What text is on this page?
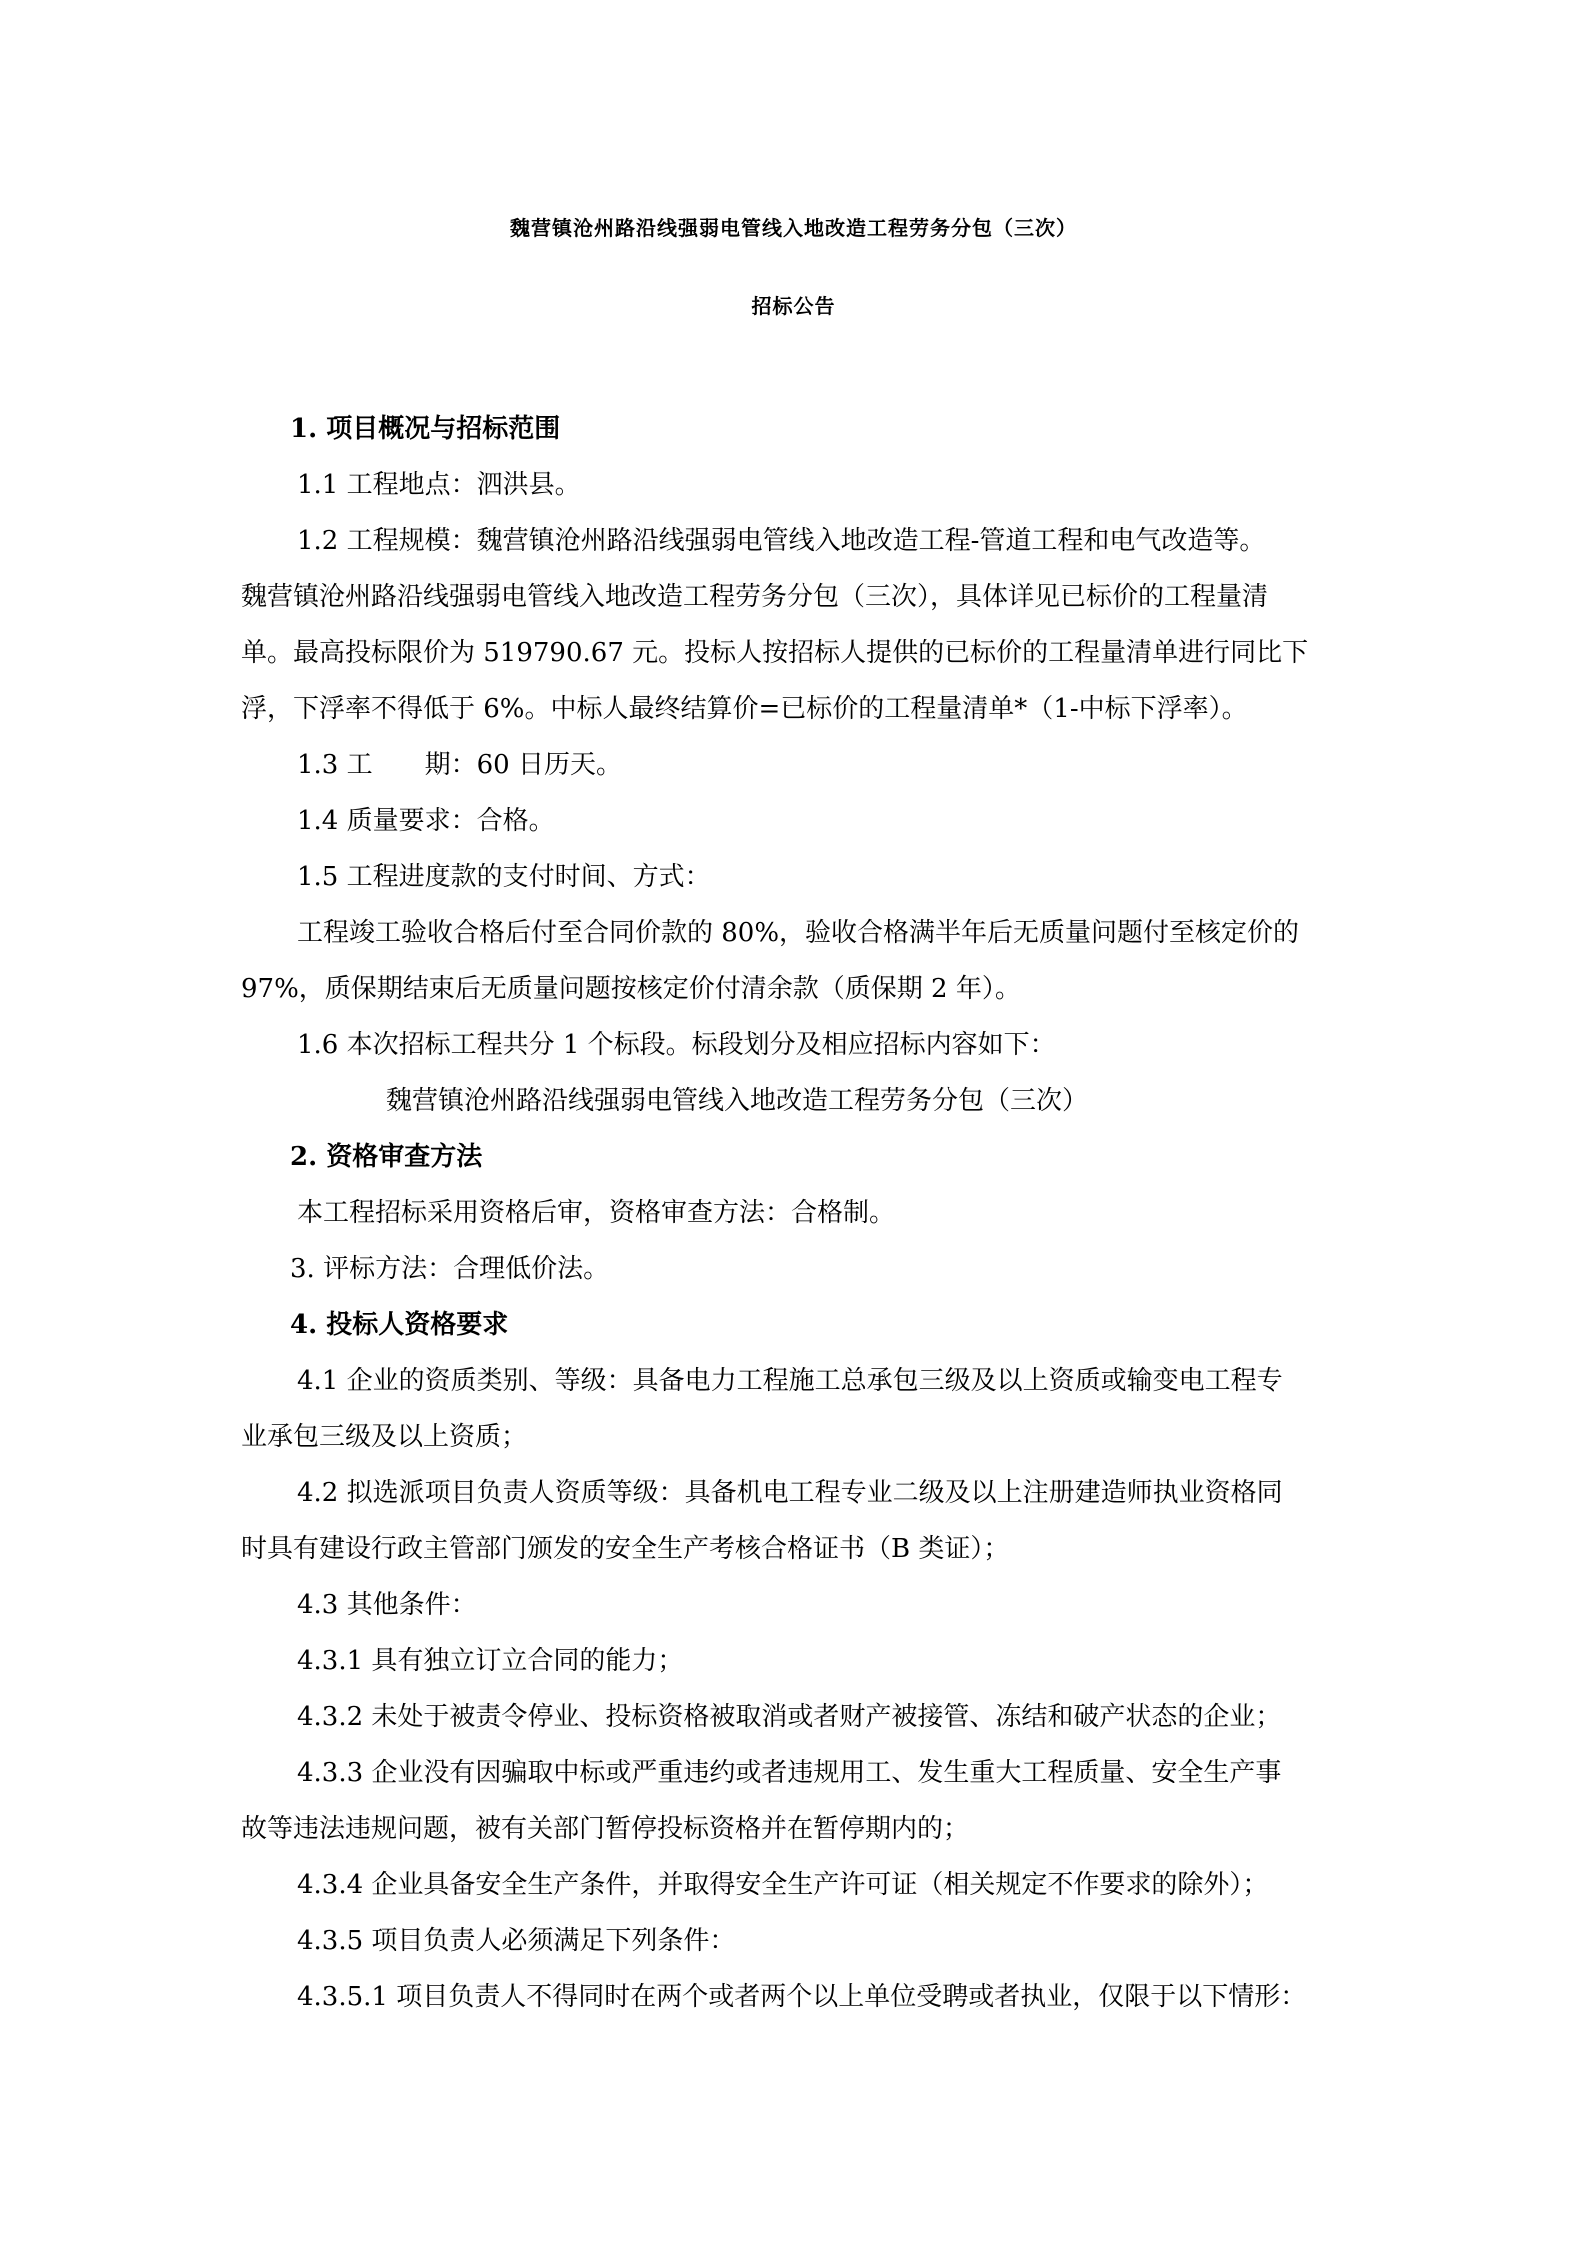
魏营镇沧州路沿线强弱电管线入地改造工程劳务分包（三次）
招标公告
1. 项目概况与招标范围
1.1 工程地点：泗洪县。
1.2 工程规模：魏营镇沧州路沿线强弱电管线入地改造工程-管道工程和电气改造等。
魏营镇沧州路沿线强弱电管线入地改造工程劳务分包（三次），具体详见已标价的工程量清
单。最高投标限价为 519790.67 元。投标人按招标人提供的已标价的工程量清单进行同比下
浮，下浮率不得低于 6%。中标人最终结算价=已标价的工程量清单*（1-中标下浮率）。
1.3 工　　期：60 日历天。
1.4 质量要求：合格。
1.5 工程进度款的支付时间、方式：
工程竣工验收合格后付至合同价款的 80%，验收合格满半年后无质量问题付至核定价的
97%，质保期结束后无质量问题按核定价付清余款（质保期 2 年）。
1.6 本次招标工程共分 1 个标段。标段划分及相应招标内容如下：
魏营镇沧州路沿线强弱电管线入地改造工程劳务分包（三次）
2. 资格审查方法
本工程招标采用资格后审，资格审查方法：合格制。
3. 评标方法：合理低价法。
4. 投标人资格要求
4.1 企业的资质类别、等级：具备电力工程施工总承包三级及以上资质或输变电工程专
业承包三级及以上资质；
4.2 拟选派项目负责人资质等级：具备机电工程专业二级及以上注册建造师执业资格同
时具有建设行政主管部门颁发的安全生产考核合格证书（B 类证）；
4.3 其他条件：
4.3.1 具有独立订立合同的能力；
4.3.2 未处于被责令停业、投标资格被取消或者财产被接管、冻结和破产状态的企业；
4.3.3 企业没有因骗取中标或严重违约或者违规用工、发生重大工程质量、安全生产事
故等违法违规问题，被有关部门暂停投标资格并在暂停期内的；
4.3.4 企业具备安全生产条件，并取得安全生产许可证（相关规定不作要求的除外）；
4.3.5 项目负责人必须满足下列条件：
4.3.5.1 项目负责人不得同时在两个或者两个以上单位受聘或者执业，仅限于以下情形：
